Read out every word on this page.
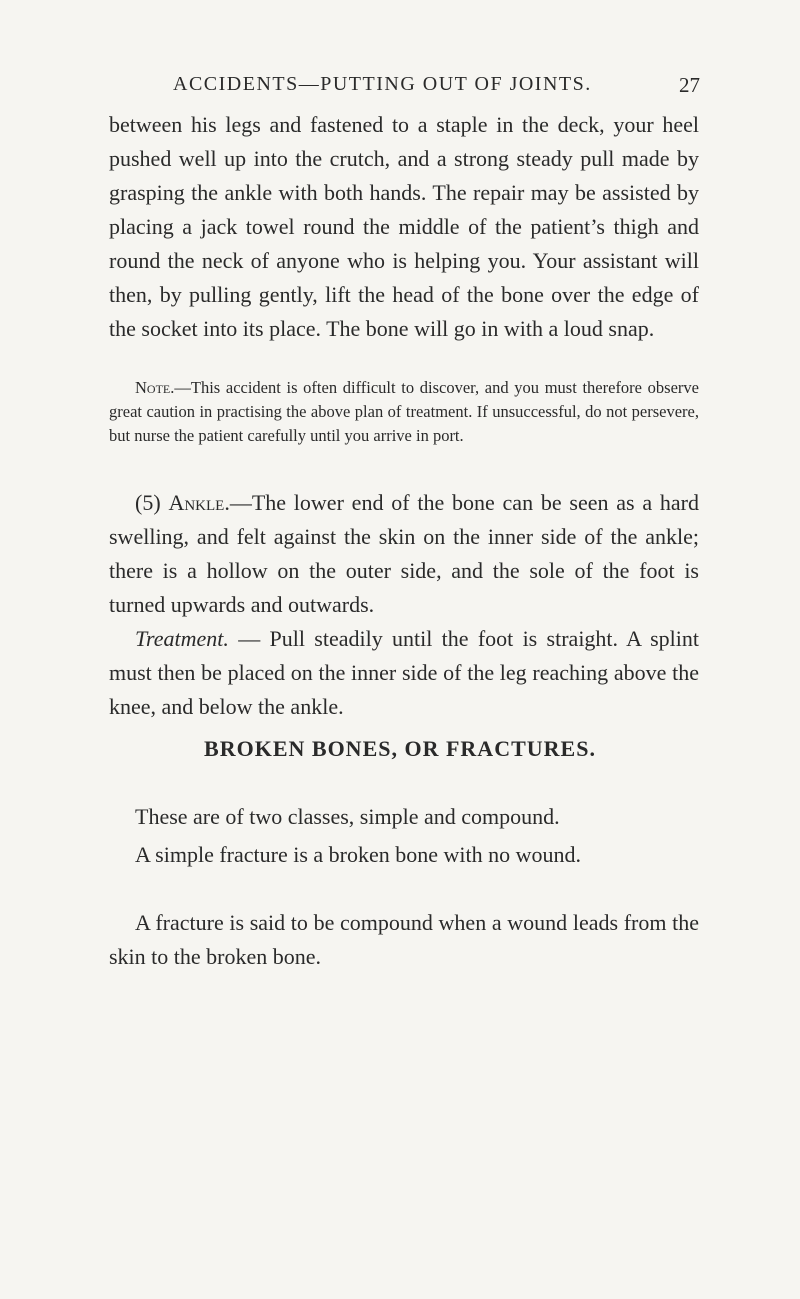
ACCIDENTS—PUTTING OUT OF JOINTS.	27

between his legs and fastened to a staple in the deck, your heel pushed well up into the crutch, and a strong steady pull made by grasping the ankle with both hands. The repair may be assisted by placing a jack towel round the middle of the patient’s thigh and round the neck of anyone who is helping you. Your assistant will then, by pulling gently, lift the head of the bone over the edge of the socket into its place. The bone will go in with a loud snap.

Note.—This accident is often difficult to discover, and you must therefore observe great caution in practising the above plan of treatment. If unsuccessful, do not persevere, but nurse the patient carefully until you arrive in port.

(5) Ankle.—The lower end of the bone can be seen as a hard swelling, and felt against the skin on the inner side of the ankle; there is a hollow on the outer side, and the sole of the foot is turned upwards and outwards.

Treatment. — Pull steadily until the foot is straight. A splint must then be placed on the inner side of the leg reaching above the knee, and below the ankle.

BROKEN BONES, OR FRACTURES.

These are of two classes, simple and compound.

A simple fracture is a broken bone with no wound.

A fracture is said to be compound when a wound leads from the skin to the broken bone.
